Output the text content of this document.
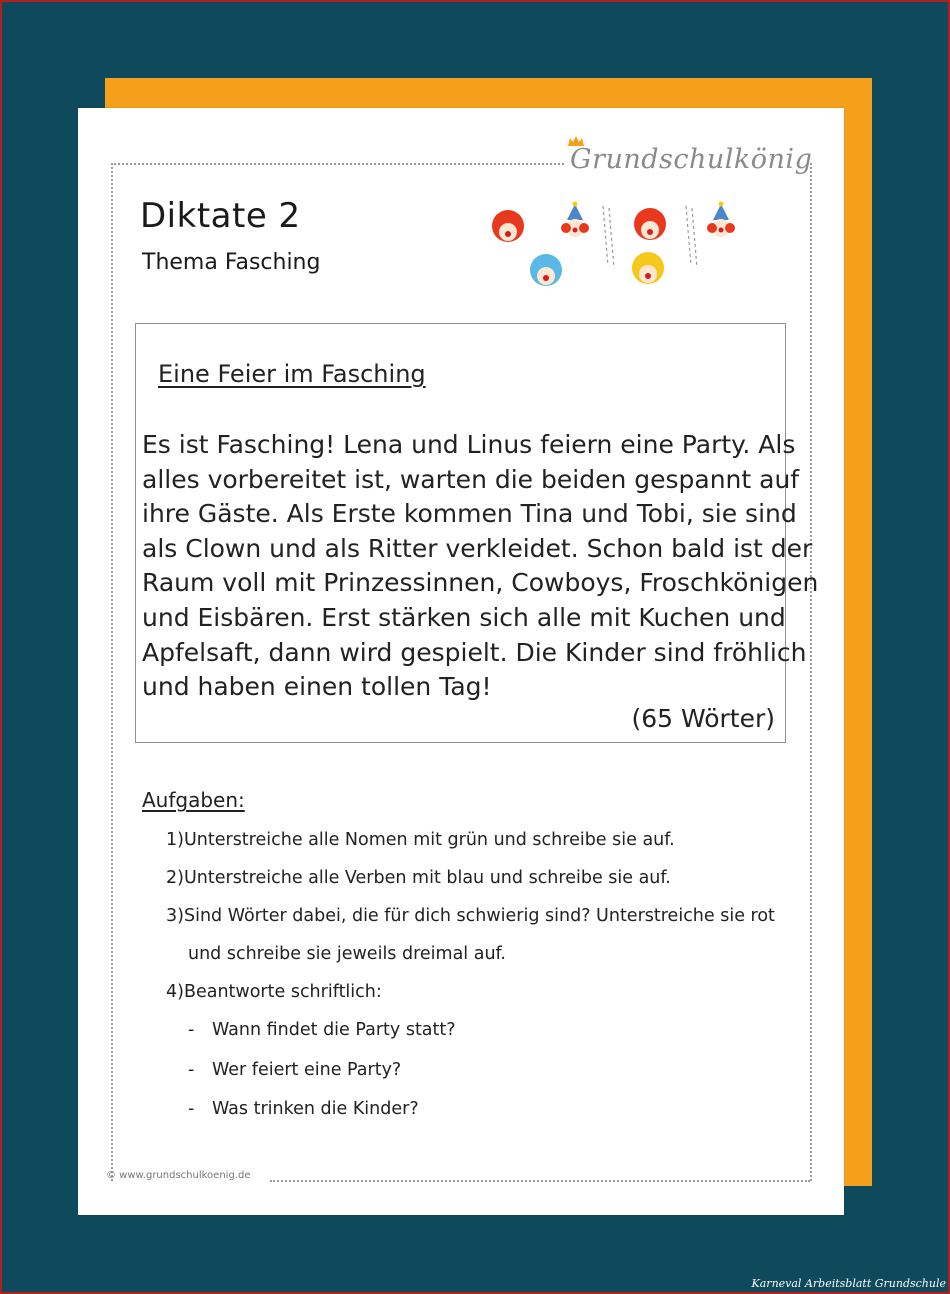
Grundschulkönig
Diktate 2
Thema Fasching
Eine Feier im Fasching
Es ist Fasching! Lena und Linus feiern eine Party. Als
alles vorbereitet ist, warten die beiden gespannt auf
ihre Gäste. Als Erste kommen Tina und Tobi, sie sind
als Clown und als Ritter verkleidet. Schon bald ist der
Raum voll mit Prinzessinnen, Cowboys, Froschkönigen
und Eisbären. Erst stärken sich alle mit Kuchen und
Apfelsaft, dann wird gespielt. Die Kinder sind fröhlich
und haben einen tollen Tag!
(65 Wörter)
Aufgaben:
1)Unterstreiche alle Nomen mit grün und schreibe sie auf.
2)Unterstreiche alle Verben mit blau und schreibe sie auf.
3)Sind Wörter dabei, die für dich schwierig sind? Unterstreiche sie rot
und schreibe sie jeweils dreimal auf.
4)Beantworte schriftlich:
- Wann findet die Party statt?
- Wer feiert eine Party?
- Was trinken die Kinder?
© www.grundschulkoenig.de
Karneval Arbeitsblatt Grundschule
